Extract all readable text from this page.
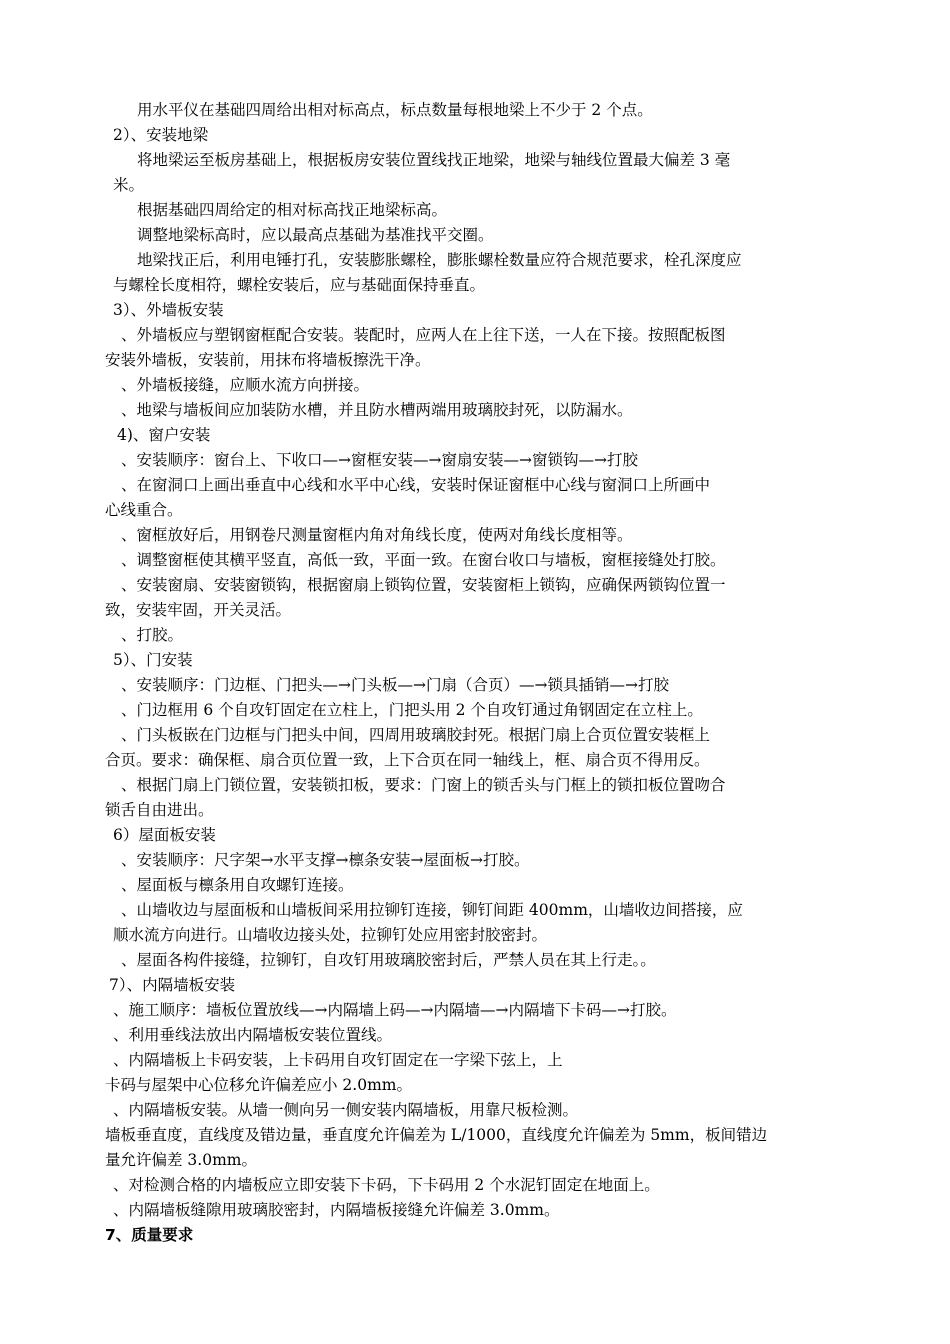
用水平仪在基础四周给出相对标高点，标点数量每根地梁上不少于 2 个点。
2）、安装地梁
将地梁运至板房基础上，根据板房安装位置线找正地梁，地梁与轴线位置最大偏差 3 毫
米。
根据基础四周给定的相对标高找正地梁标高。
调整地梁标高时，应以最高点基础为基准找平交圈。
地梁找正后，利用电锤打孔，安装膨胀螺栓，膨胀螺栓数量应符合规范要求，栓孔深度应
与螺栓长度相符，螺栓安装后，应与基础面保持垂直。
3）、外墙板安装
、外墙板应与塑钢窗框配合安装。装配时，应两人在上往下送，一人在下接。按照配板图
安装外墙板，安装前，用抹布将墙板擦洗干净。
、外墙板接缝，应顺水流方向拼接。
、地梁与墙板间应加装防水槽，并且防水槽两端用玻璃胶封死，以防漏水。
4)、窗户安装
、安装顺序：窗台上、下收口—→窗框安装—→窗扇安装—→窗锁钩—→打胶
、在窗洞口上画出垂直中心线和水平中心线，安装时保证窗框中心线与窗洞口上所画中
心线重合。
、窗框放好后，用钢卷尺测量窗框内角对角线长度，使两对角线长度相等。
、调整窗框使其横平竖直，高低一致，平面一致。在窗台收口与墙板，窗框接缝处打胶。
、安装窗扇、安装窗锁钩，根据窗扇上锁钩位置，安装窗柜上锁钩，应确保两锁钩位置一
致，安装牢固，开关灵活。
、打胶。
5）、门安装
、安装顺序：门边框、门把头—→门头板—→门扇（合页）—→锁具插销—→打胶
、门边框用 6 个自攻钉固定在立柱上，门把头用 2 个自攻钉通过角钢固定在立柱上。
、门头板嵌在门边框与门把头中间，四周用玻璃胶封死。根据门扇上合页位置安装框上
合页。要求：确保框、扇合页位置一致，上下合页在同一轴线上，框、扇合页不得用反。
、根据门扇上门锁位置，安装锁扣板，要求：门窗上的锁舌头与门框上的锁扣板位置吻合
锁舌自由进出。
6）屋面板安装
、安装顺序：尺字架→水平支撑→檩条安装→屋面板→打胶。
、屋面板与檩条用自攻螺钉连接。
、山墙收边与屋面板和山墙板间采用拉铆钉连接，铆钉间距 400mm，山墙收边间搭接，应
顺水流方向进行。山墙收边接头处，拉铆钉处应用密封胶密封。
、屋面各构件接缝，拉铆钉，自攻钉用玻璃胶密封后，严禁人员在其上行走。。
7）、内隔墙板安装
、施工顺序：墙板位置放线—→内隔墙上码—→内隔墙—→内隔墙下卡码—→打胶。
、利用垂线法放出内隔墙板安装位置线。
、内隔墙板上卡码安装，上卡码用自攻钉固定在一字梁下弦上，上
卡码与屋架中心位移允许偏差应小 2.0mm。
、内隔墙板安装。从墙一侧向另一侧安装内隔墙板，用靠尺板检测。
墙板垂直度，直线度及错边量，垂直度允许偏差为 L/1000，直线度允许偏差为 5mm，板间错边
量允许偏差 3.0mm。
、对检测合格的内墙板应立即安装下卡码，下卡码用 2 个水泥钉固定在地面上。
、内隔墙板缝隙用玻璃胶密封，内隔墙板接缝允许偏差 3.0mm。
7、质量要求
